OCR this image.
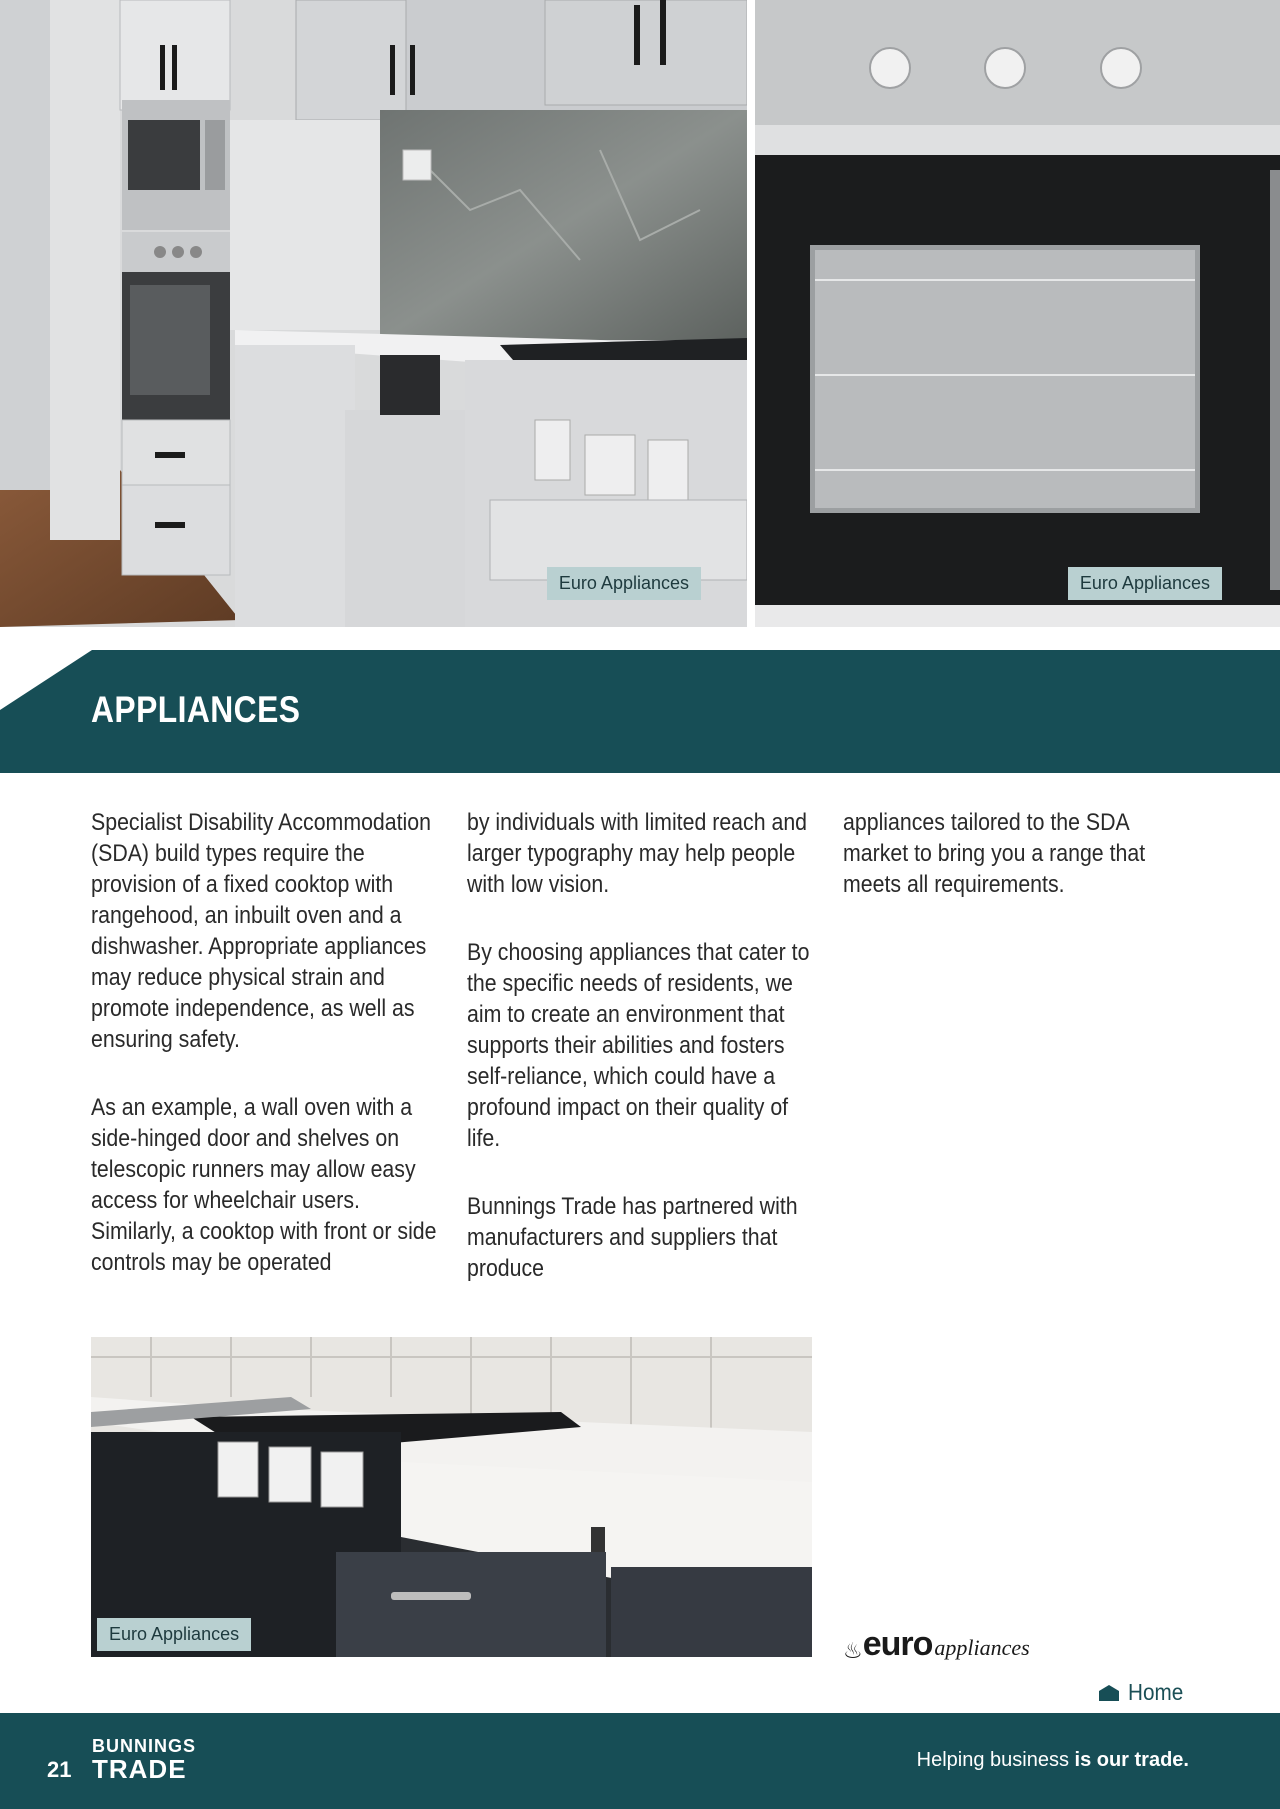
Euro Appliances	Euro Appliances
APPLIANCES

Specialist Disability Accommodation (SDA) build types require the provision of a fixed cooktop with rangehood, an inbuilt oven and a dishwasher. Appropriate appliances may reduce physical strain and promote independence, as well as ensuring safety.

As an example, a wall oven with a side-hinged door and shelves on telescopic runners may allow easy access for wheelchair users. Similarly, a cooktop with front or side controls may be operated

by individuals with limited reach and larger typography may help people with low vision.

By choosing appliances that cater to the specific needs of residents, we aim to create an environment that supports their abilities and fosters self-reliance, which could have a profound impact on their quality of life.

Bunnings Trade has partnered with manufacturers and suppliers that produce

appliances tailored to the SDA market to bring you a range that meets all requirements.

Euro Appliances
♨euroappliances
Home
21
BUNNINGS
TRADE	Helping business is our trade.
